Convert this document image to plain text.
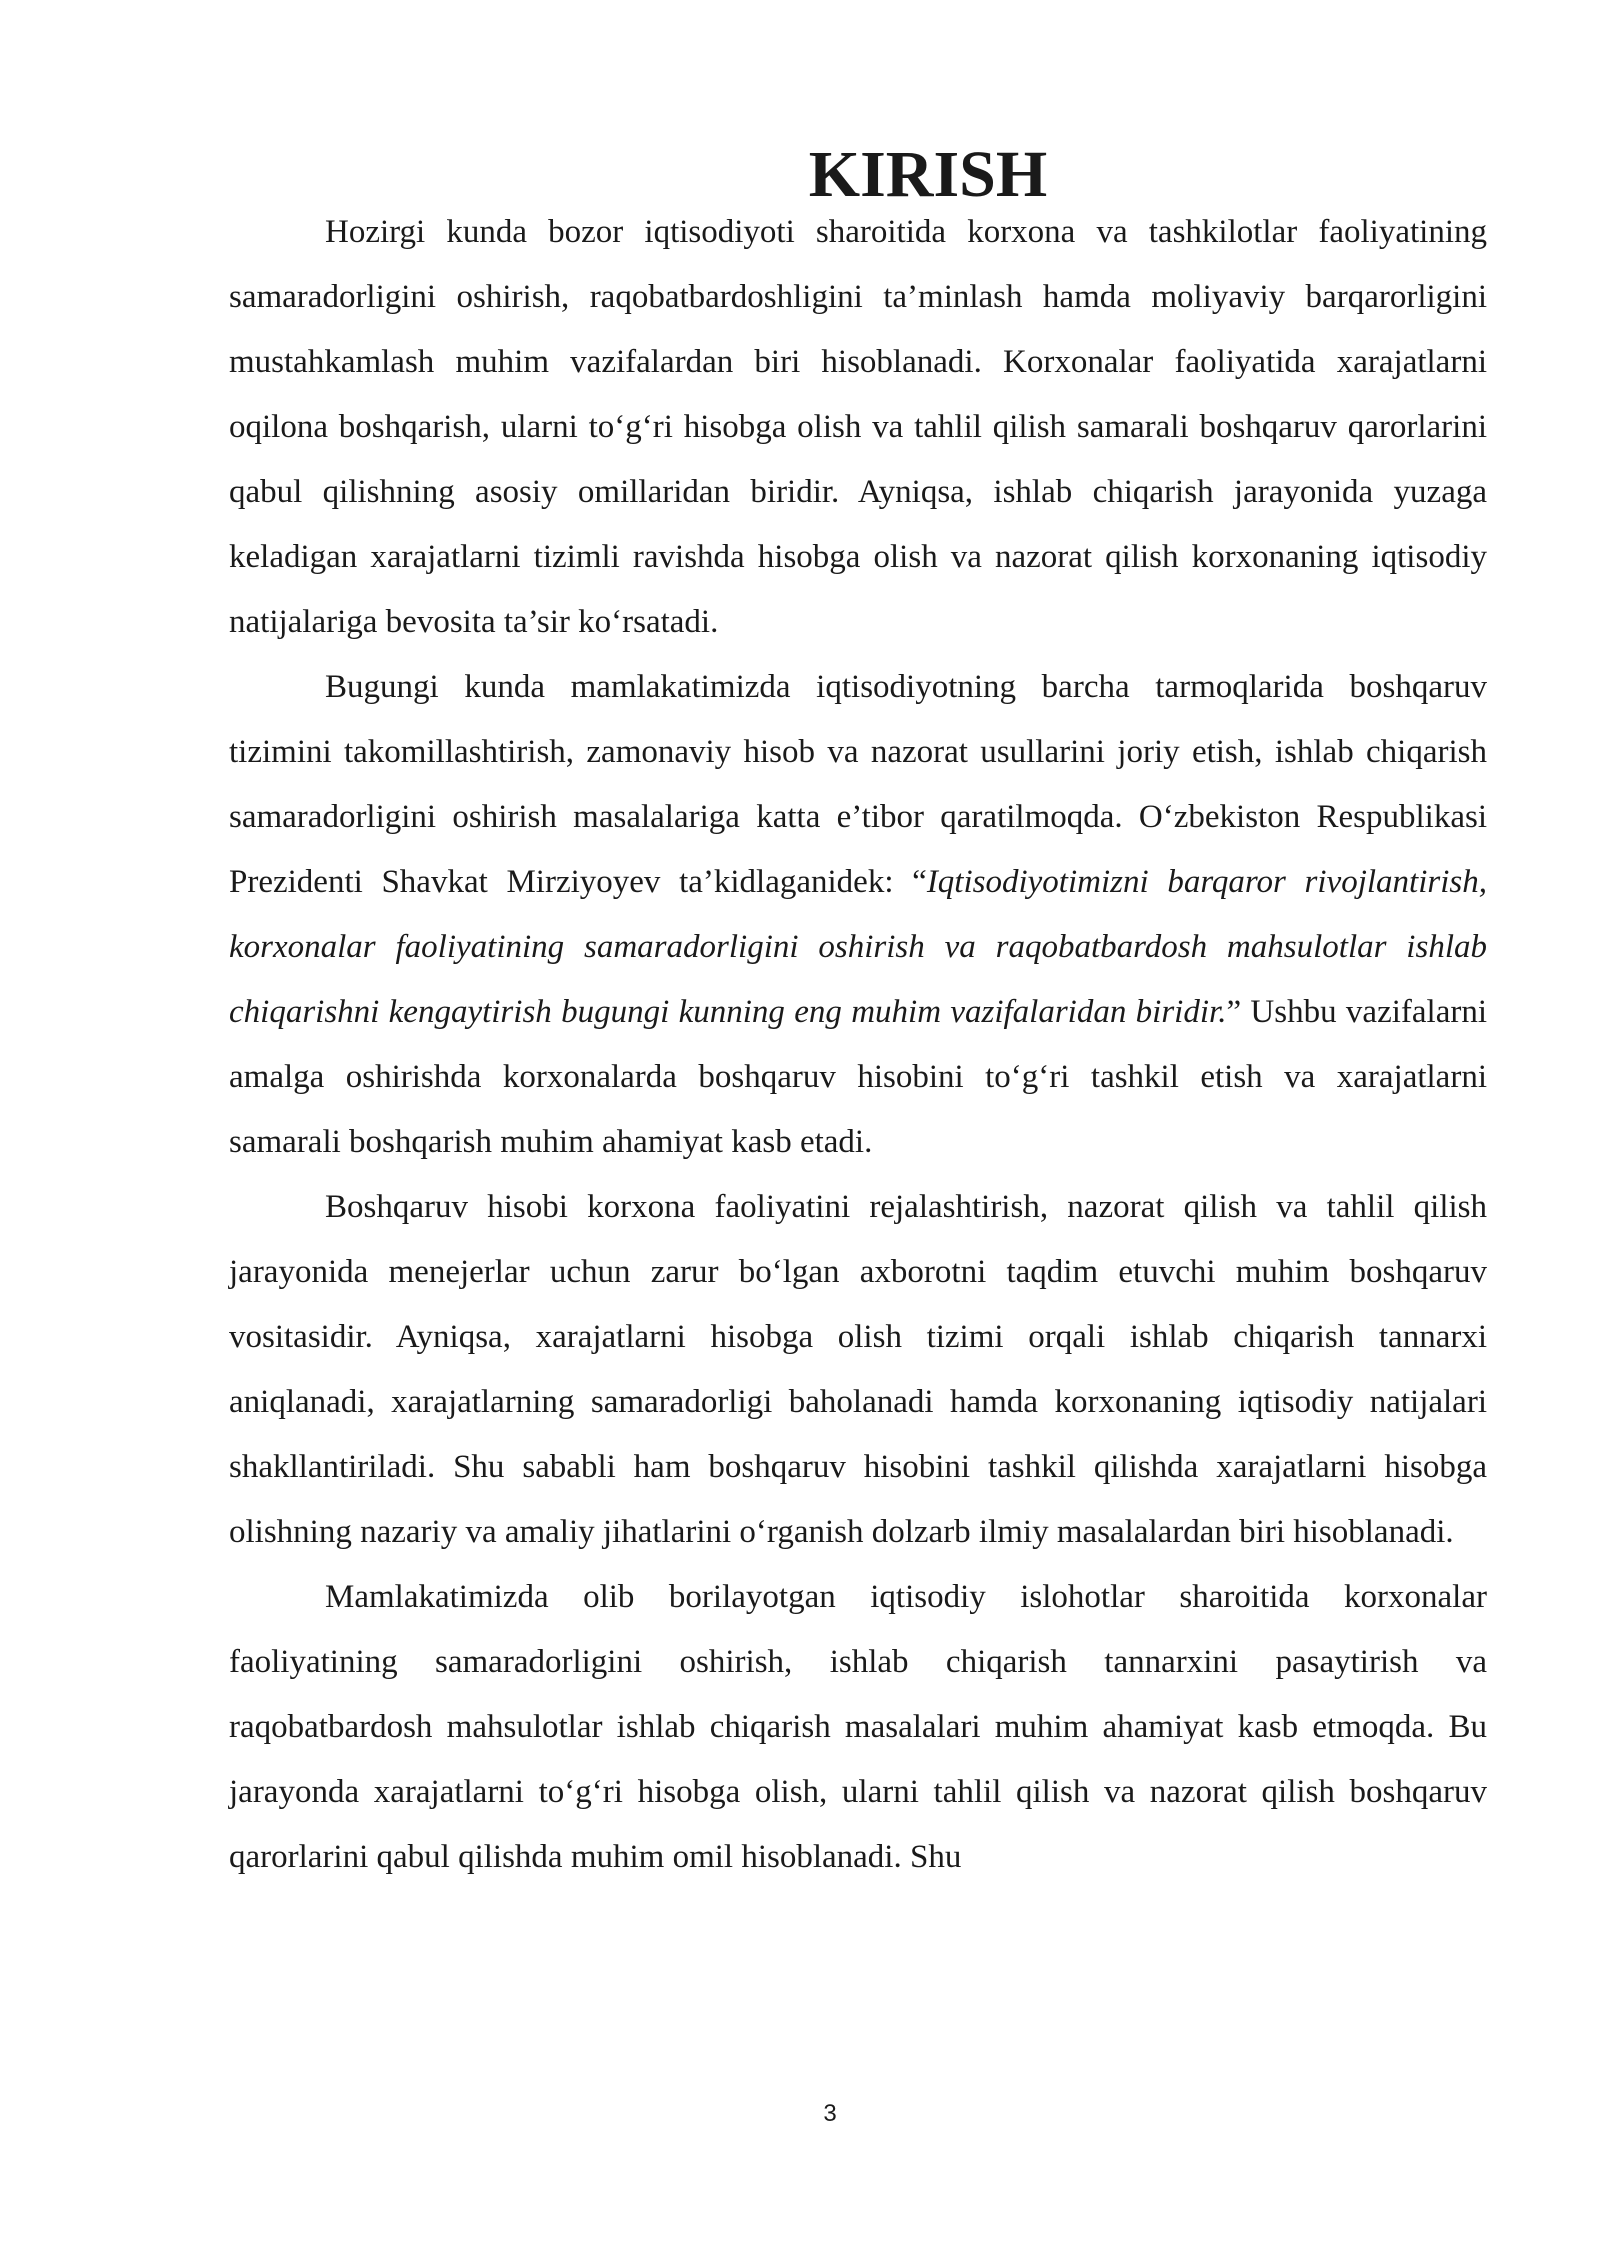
KIRISH

Hozirgi kunda bozor iqtisodiyoti sharoitida korxona va tashkilotlar faoliyatining samaradorligini oshirish, raqobatbardoshligini ta’minlash hamda moliyaviy barqarorligini mustahkamlash muhim vazifalardan biri hisoblanadi. Korxonalar faoliyatida xarajatlarni oqilona boshqarish, ularni to‘g‘ri hisobga olish va tahlil qilish samarali boshqaruv qarorlarini qabul qilishning asosiy omillaridan biridir. Ayniqsa, ishlab chiqarish jarayonida yuzaga keladigan xarajatlarni tizimli ravishda hisobga olish va nazorat qilish korxonaning iqtisodiy natijalariga bevosita ta’sir ko‘rsatadi.

Bugungi kunda mamlakatimizda iqtisodiyotning barcha tarmoqlarida boshqaruv tizimini takomillashtirish, zamonaviy hisob va nazorat usullarini joriy etish, ishlab chiqarish samaradorligini oshirish masalalariga katta e’tibor qaratilmoqda. O‘zbekiston Respublikasi Prezidenti Shavkat Mirziyoyev ta’kidlaganidek: “Iqtisodiyotimizni barqaror rivojlantirish, korxonalar faoliyatining samaradorligini oshirish va raqobatbardosh mahsulotlar ishlab chiqarishni kengaytirish bugungi kunning eng muhim vazifalaridan biridir.” Ushbu vazifalarni amalga oshirishda korxonalarda boshqaruv hisobini to‘g‘ri tashkil etish va xarajatlarni samarali boshqarish muhim ahamiyat kasb etadi.

Boshqaruv hisobi korxona faoliyatini rejalashtirish, nazorat qilish va tahlil qilish jarayonida menejerlar uchun zarur bo‘lgan axborotni taqdim etuvchi muhim boshqaruv vositasidir. Ayniqsa, xarajatlarni hisobga olish tizimi orqali ishlab chiqarish tannarxi aniqlanadi, xarajatlarning samaradorligi baholanadi hamda korxonaning iqtisodiy natijalari shakllantiriladi. Shu sababli ham boshqaruv hisobini tashkil qilishda xarajatlarni hisobga olishning nazariy va amaliy jihatlarini o‘rganish dolzarb ilmiy masalalardan biri hisoblanadi.

Mamlakatimizda olib borilayotgan iqtisodiy islohotlar sharoitida korxonalar faoliyatining samaradorligini oshirish, ishlab chiqarish tannarxini pasaytirish va raqobatbardosh mahsulotlar ishlab chiqarish masalalari muhim ahamiyat kasb etmoqda. Bu jarayonda xarajatlarni to‘g‘ri hisobga olish, ularni tahlil qilish va nazorat qilish boshqaruv qarorlarini qabul qilishda muhim omil hisoblanadi. Shu

3
